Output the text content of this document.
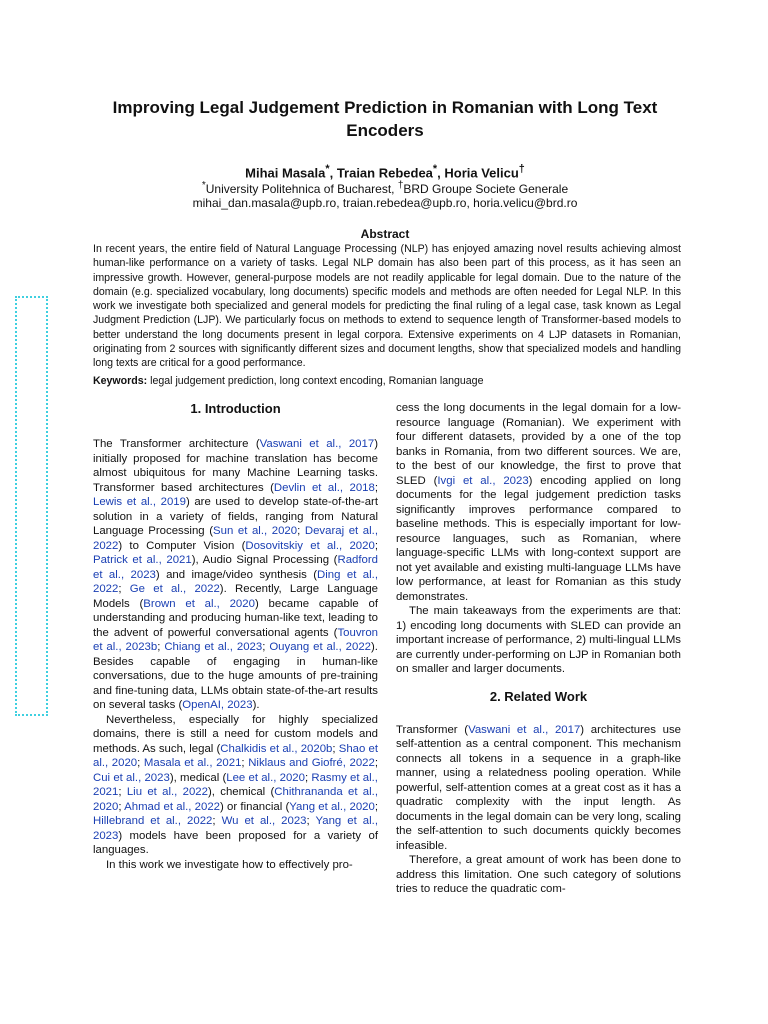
Improving Legal Judgement Prediction in Romanian with Long Text Encoders
Mihai Masala*, Traian Rebedea*, Horia Velicu†
*University Politehnica of Bucharest, †BRD Groupe Societe Generale
mihai_dan.masala@upb.ro, traian.rebedea@upb.ro, horia.velicu@brd.ro
Abstract
In recent years, the entire field of Natural Language Processing (NLP) has enjoyed amazing novel results achieving almost human-like performance on a variety of tasks. Legal NLP domain has also been part of this process, as it has seen an impressive growth. However, general-purpose models are not readily applicable for legal domain. Due to the nature of the domain (e.g. specialized vocabulary, long documents) specific models and methods are often needed for Legal NLP. In this work we investigate both specialized and general models for predicting the final ruling of a legal case, task known as Legal Judgment Prediction (LJP). We particularly focus on methods to extend to sequence length of Transformer-based models to better understand the long documents present in legal corpora. Extensive experiments on 4 LJP datasets in Romanian, originating from 2 sources with significantly different sizes and document lengths, show that specialized models and handling long texts are critical for a good performance.
Keywords: legal judgement prediction, long context encoding, Romanian language
1. Introduction

The Transformer architecture (Vaswani et al., 2017) initially proposed for machine translation has become almost ubiquitous for many Machine Learning tasks. Transformer based architectures (Devlin et al., 2018; Lewis et al., 2019) are used to develop state-of-the-art solution in a variety of fields, ranging from Natural Language Processing (Sun et al., 2020; Devaraj et al., 2022) to Computer Vision (Dosovitskiy et al., 2020; Patrick et al., 2021), Audio Signal Processing (Radford et al., 2023) and image/video synthesis (Ding et al., 2022; Ge et al., 2022). Recently, Large Language Models (Brown et al., 2020) became capable of understanding and producing human-like text, leading to the advent of powerful conversational agents (Touvron et al., 2023b; Chiang et al., 2023; Ouyang et al., 2022). Besides capable of engaging in human-like conversations, due to the huge amounts of pre-training and fine-tuning data, LLMs obtain state-of-the-art results on several tasks (OpenAI, 2023).

Nevertheless, especially for highly specialized domains, there is still a need for custom models and methods. As such, legal (Chalkidis et al., 2020b; Shao et al., 2020; Masala et al., 2021; Niklaus and Giofré, 2022; Cui et al., 2023), medical (Lee et al., 2020; Rasmy et al., 2021; Liu et al., 2022), chemical (Chithrananda et al., 2020; Ahmad et al., 2022) or financial (Yang et al., 2020; Hillebrand et al., 2022; Wu et al., 2023; Yang et al., 2023) models have been proposed for a variety of languages.

In this work we investigate how to effectively pro-

cess the long documents in the legal domain for a low-resource language (Romanian). We experiment with four different datasets, provided by a one of the top banks in Romania, from two different sources. We are, to the best of our knowledge, the first to prove that SLED (Ivgi et al., 2023) encoding applied on long documents for the legal judgement prediction tasks significantly improves performance compared to baseline methods. This is especially important for low-resource languages, such as Romanian, where language-specific LLMs with long-context support are not yet available and existing multi-language LLMs have low performance, at least for Romanian as this study demonstrates.

The main takeaways from the experiments are that: 1) encoding long documents with SLED can provide an important increase of performance, 2) multi-lingual LLMs are currently under-performing on LJP in Romanian both on smaller and larger documents.

2. Related Work

Transformer (Vaswani et al., 2017) architectures use self-attention as a central component. This mechanism connects all tokens in a sequence in a graph-like manner, using a relatedness pooling operation. While powerful, self-attention comes at a great cost as it has a quadratic complexity with the input length. As documents in the legal domain can be very long, scaling the self-attention to such documents quickly becomes infeasible.

Therefore, a great amount of work has been done to address this limitation. One such category of solutions tries to reduce the quadratic com-
